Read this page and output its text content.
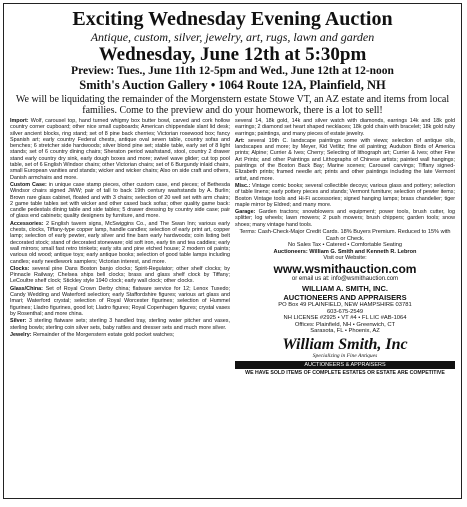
Exciting Wednesday Evening Auction
Antique, custom, silver, jewelry, art, rugs, lawn and garden
Wednesday, June 12th at 5:30pm
Preview: Tues., June 11th 12-5pm and Wed., June 12th at 12-noon
Smith's Auction Gallery • 1064 Route 12A, Plainfield, NH
We will be liquidating the remainder of the Morgenstern estate Stowe VT, an AZ estate and items from local families. Come to the preview and do your homework, there is a lot to sell!

Import: Wolf, carousel top, hand turned whigmy box butter bowl, carved and cork hollow country corner cupboard; other nice small cupboards; American chippendale slant lid desk; silver ancient blocks, ring stand; set of 8 pine back cherries; Victorian rosewood box; fancy Spanish art; early country Federal chests, antique oval seven table, country sofas and benches; 6 stretcher side hardwoods; silver blond pine set; stable table, early set of 8 light stands; set of 6 country dining chairs; Sheraton period washstand, stool, country 2 drawer stand early country dry sink, early dough boxes and more; swivel wave glider; cut top pool table, set of 6 English Windsor chairs; other Victorian chairs; set of 6 Burgundy inlaid chairs, small European vanities and stands; wicker and wicker chairs; Also on side craft and others, Danish armchairs and more.

Custom Case: in unique case stamp pieces, other custom case, end pieces; of Bethesda Windsor chairs signed JWW; pair of tall to back 19th century washstands by A. Burlin; Brown rare glass cabinet, floated and with 3 chairs; selection of 20 well set with arm chairs; 2 game table tables set with wicker and other cased back sofas; other quality game back: candle pedestals dining table and side tables; 5 drawer dressing by country side case; pair of glass end cabinets; quality designers by furniture, and more.

Accessories: 2 English tavern signs, McSwiggins Co., and The Swan Inn; various early chests, clocks, Tiffany-type copper lamp, handle candles; selection of early print art, copper lamp; selection of early pewter, early silver and fine barn early hardwoods; coin listing belt decorated stock; stand of decorated stoneware; old soft iron, early tin and tea caddies; early wall mirrors; small fast retro trinkets; early sits and pine etched house; 2 modern oil paints; various old wood; antique toys; early antique books; selection of good table lamps including candles; early needlework samplers; Victorian interest, and more.

Clocks: several pine Dans Boston banjo clocks; Spirit-Regulator; other shelf clocks; by Pinnacle Railway; Chelsea ships bell clocks; brass and glass shelf clock by Tiffany; LeCoultre shelf clock; Stickley style 1940 clock; early wall clock; other clocks.

Glass/China: Set of Royal Crown Derby china; flatware service for 12; Lenox Tuxedo; Candy Wedding and Waterford selection; early Staffordshire figures; various art glass and Imari; Waterford crystal; selection of Royal Worcester figurines; selection of Hummel figurines; Lladro figurines, good lot; Lladro figures; Royal Copenhagen figures; crystal vases by Rosenthal; and more china.

Silver: 3 sterling flatware sets; sterling 3 handled tray, sterling water pitcher and vases, sterling bowls; sterling coin silver sets, baby rattles and dresser sets and much more silver.

Jewelry: Remainder of the Morgenstern estate gold pocket watches;

several 14, 18k gold, 14k and silver watch with diamonds, earrings 14k and 18k gold earrings; 2 diamond set heart shaped necklaces; 18k gold chain with bracelet; 18k gold ruby earrings; paintings, and many pieces of estate jewelry.

Art: several 19th C. landscape paintings some with views; selection of antique oils, landscapes and more; by Meyer, Kid Vetlitz; fine oil painting; Audubon Birds of America prints; Alpine; Currier & Ives; Cherry; Selecting of lithograph art; Currier & Ives; other Fine Art Prints; and other Paintings and Lithographs of Chinese artists; painted wall hangings; paintings of the Boston Back Bay; Marine scenes; Carousel carvings; Tiffany signed-Elizabeth prints; framed needle art; prints and other paintings including the late Vermont artist, and more.

Misc.: Vintage comic books; several collectible decoys; various glass and pottery; selection of table linens; early pottery pieces and stands; Vermont furniture; selection of pewter items; Boston Vintage tools and Hi-Fi accessories; signed hanging lamps; brass chandelier; tiger maple mirror by Eldred; and many more.

Garage: Garden tractors; snowblowers and equipment; power tools, brush cutter, log splitter; log wheels; lawn mowers; 2 push mowers; brush chippers; garden tools; snow shoes; many vintage hand tools.

Terms: Cash-Check-Major Credit Cards. 18% Buyers Premium. Reduced to 15% with Cash or Check.
No Sales Tax • Catered • Comfortable Seating
Auctioneers: William G. Smith and Kenneth R. Lebron
Visit our Website:
www.wsmithauction.com
or email us at: info@wsmithauction.com
WILLIAM A. SMITH, INC.
AUCTIONEERS AND APPRAISERS
PO Box 49 PLAINFIELD, NEW HAMPSHIRE 03781
603-675-2549
NH LICENSE #2925 • VT #4 • FL LIC #AB-1064
Offices: Plainfield, NH • Greenwich, CT
Sarasota, FL • Phoenix, AZ
William Smith, Inc
Specializing in Fine Antiques
AUCTIONEERS & APPRAISERS
WE HAVE SOLD ITEMS OF COMPLETE ESTATES OR ESTATE ARE COMPETITIVE
